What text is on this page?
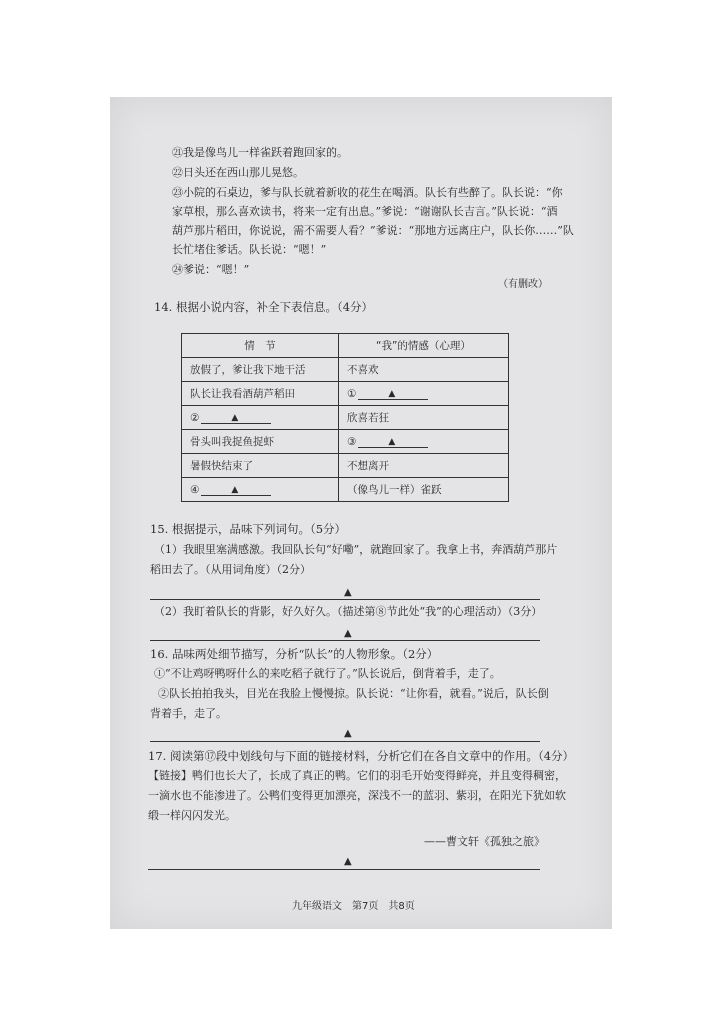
㉑我是像鸟儿一样雀跃着跑回家的。
㉒日头还在西山那儿晃悠。
㉓小院的石桌边，爹与队长就着新收的花生在喝酒。队长有些醉了。队长说：“你
家草根，那么喜欢读书，将来一定有出息。”爹说：“谢谢队长吉言。”队长说：“酒
葫芦那片稻田，你说说，需不需要人看？”爹说：“那地方远离庄户，队长你……”队
长忙堵住爹话。队长说：“嗯！”
㉔爹说：“嗯！”
（有删改）
14. 根据小说内容，补全下表信息。（4分）
情　节	“我”的情感（心理）
放假了，爹让我下地干活	不喜欢
队长让我看酒葫芦稻田	① ▲

② ▲	欣喜若狂
骨头叫我捉鱼捉虾	③ ▲

暑假快结束了	不想离开
④ ▲	（像鸟儿一样）雀跃
15. 根据提示，品味下列词句。（5分）
（1）我眼里塞满感激。我回队长句“好嘞”，就跑回家了。我拿上书，奔酒葫芦那片
稻田去了。（从用词角度）（2分）
▲
（2）我盯着队长的背影，好久好久。（描述第⑧节此处“我”的心理活动）（3分）
▲
16. 品味两处细节描写，分析“队长”的人物形象。（2分）
①“不让鸡呀鸭呀什么的来吃稻子就行了。”队长说后，倒背着手，走了。
②队长拍拍我头，目光在我脸上慢慢掠。队长说：“让你看，就看。”说后，队长倒
背着手，走了。
▲
17. 阅读第⑰段中划线句与下面的链接材料，分析它们在各自文章中的作用。（4分）
【链接】鸭们也长大了，长成了真正的鸭。它们的羽毛开始变得鲜亮，并且变得稠密，
一滴水也不能渗进了。公鸭们变得更加漂亮，深浅不一的蓝羽、紫羽，在阳光下犹如软
缎一样闪闪发光。
——曹文轩《孤独之旅》
▲
九年级语文　第7页　共8页
